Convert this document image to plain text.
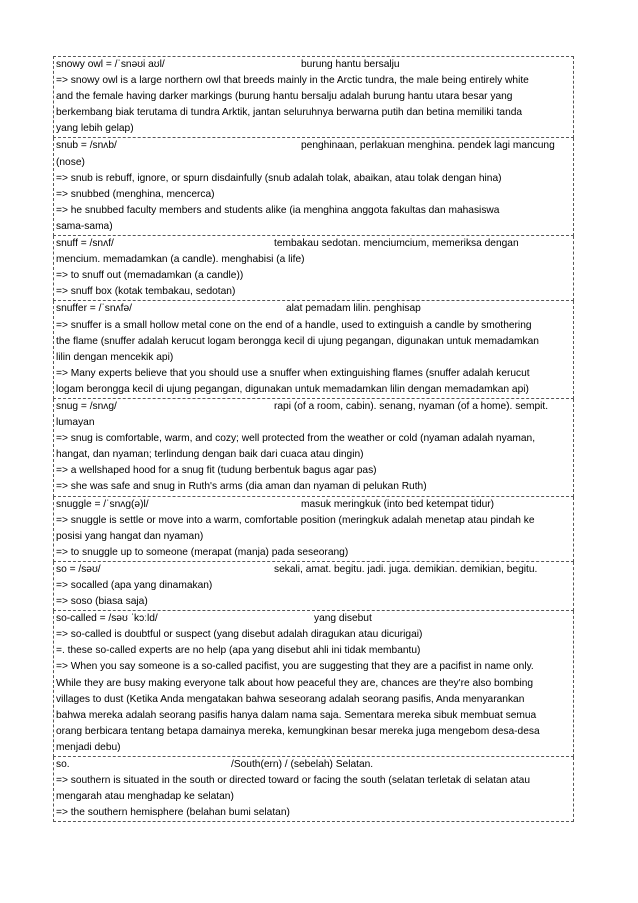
snowy owl = /ˈsnəʊi aʊl/	burung hantu bersalju
=> snowy owl is a large northern owl that breeds mainly in the Arctic tundra, the male being entirely white
and the female having darker markings (burung hantu bersalju adalah burung hantu utara besar yang
berkembang biak terutama di tundra Arktik, jantan seluruhnya berwarna putih dan betina memiliki tanda
yang lebih gelap)
snub = /snʌb/	penghinaan, perlakuan menghina. pendek lagi mancung
(nose)
=> snub is rebuff, ignore, or spurn disdainfully (snub adalah tolak, abaikan, atau tolak dengan hina)
=> snubbed (menghina, mencerca)
=> he snubbed faculty members and students alike (ia menghina anggota fakultas dan mahasiswa
sama-sama)
snuff = /snʌf/	tembakau sedotan. menciumcium, memeriksa dengan
mencium. memadamkan (a candle). menghabisi (a life)
=> to snuff out (memadamkan (a candle))
=> snuff box (kotak tembakau, sedotan)
snuffer = /ˈsnʌfə/	alat pemadam lilin. penghisap
=> snuffer is a small hollow metal cone on the end of a handle, used to extinguish a candle by smothering
the flame (snuffer adalah kerucut logam berongga kecil di ujung pegangan, digunakan untuk memadamkan
lilin dengan mencekik api)
=> Many experts believe that you should use a snuffer when extinguishing flames (snuffer adalah kerucut
logam berongga kecil di ujung pegangan, digunakan untuk memadamkan lilin dengan memadamkan api)
snug = /snʌg/	rapi (of a room, cabin). senang, nyaman (of a home). sempit.
lumayan
=> snug is comfortable, warm, and cozy; well protected from the weather or cold (nyaman adalah nyaman,
hangat, dan nyaman; terlindung dengan baik dari cuaca atau dingin)
=> a wellshaped hood for a snug fit (tudung berbentuk bagus agar pas)
=> she was safe and snug in Ruth's arms (dia aman dan nyaman di pelukan Ruth)
snuggle = /ˈsnʌg(ə)l/	masuk meringkuk (into bed ketempat tidur)
=> snuggle is settle or move into a warm, comfortable position (meringkuk adalah menetap atau pindah ke
posisi yang hangat dan nyaman)
=> to snuggle up to someone (merapat (manja) pada seseorang)
so = /səʊ/	sekali, amat. begitu. jadi. juga. demikian. demikian, begitu.
=> socalled (apa yang dinamakan)
=> soso (biasa saja)
so-called = /səʊ ˈkɔːld/	yang disebut
=> so-called is doubtful or suspect (yang disebut adalah diragukan atau dicurigai)
=. these so-called experts are no help (apa yang disebut ahli ini tidak membantu)
=> When you say someone is a so-called pacifist, you are suggesting that they are a pacifist in name only.
While they are busy making everyone talk about how peaceful they are, chances are they're also bombing
villages to dust (Ketika Anda mengatakan bahwa seseorang adalah seorang pasifis, Anda menyarankan
bahwa mereka adalah seorang pasifis hanya dalam nama saja. Sementara mereka sibuk membuat semua
orang berbicara tentang betapa damainya mereka, kemungkinan besar mereka juga mengebom desa-desa
menjadi debu)
so.	/South(ern) / (sebelah) Selatan.
=> southern is situated in the south or directed toward or facing the south (selatan terletak di selatan atau
mengarah atau menghadap ke selatan)
=> the southern hemisphere (belahan bumi selatan)
